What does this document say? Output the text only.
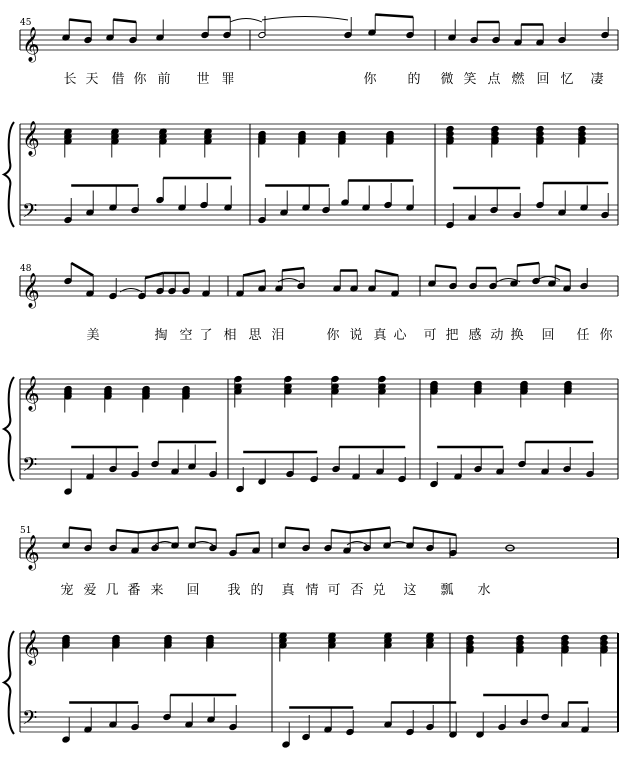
45
𝄞
长 天 借 你 前 世 罪	你 的 微 笑 点 燃 回 忆 凄
𝄞
𝄢
48
𝄞
美	掏 空 了 相 思 泪	你 说 真 心 可 把 感 动 换 回 任 你
𝄞
𝄢
51
𝄞
宠 爱 几 番 来 回 我 的 真 情 可 否 兑 这 瓢 水
𝄞
𝄢
